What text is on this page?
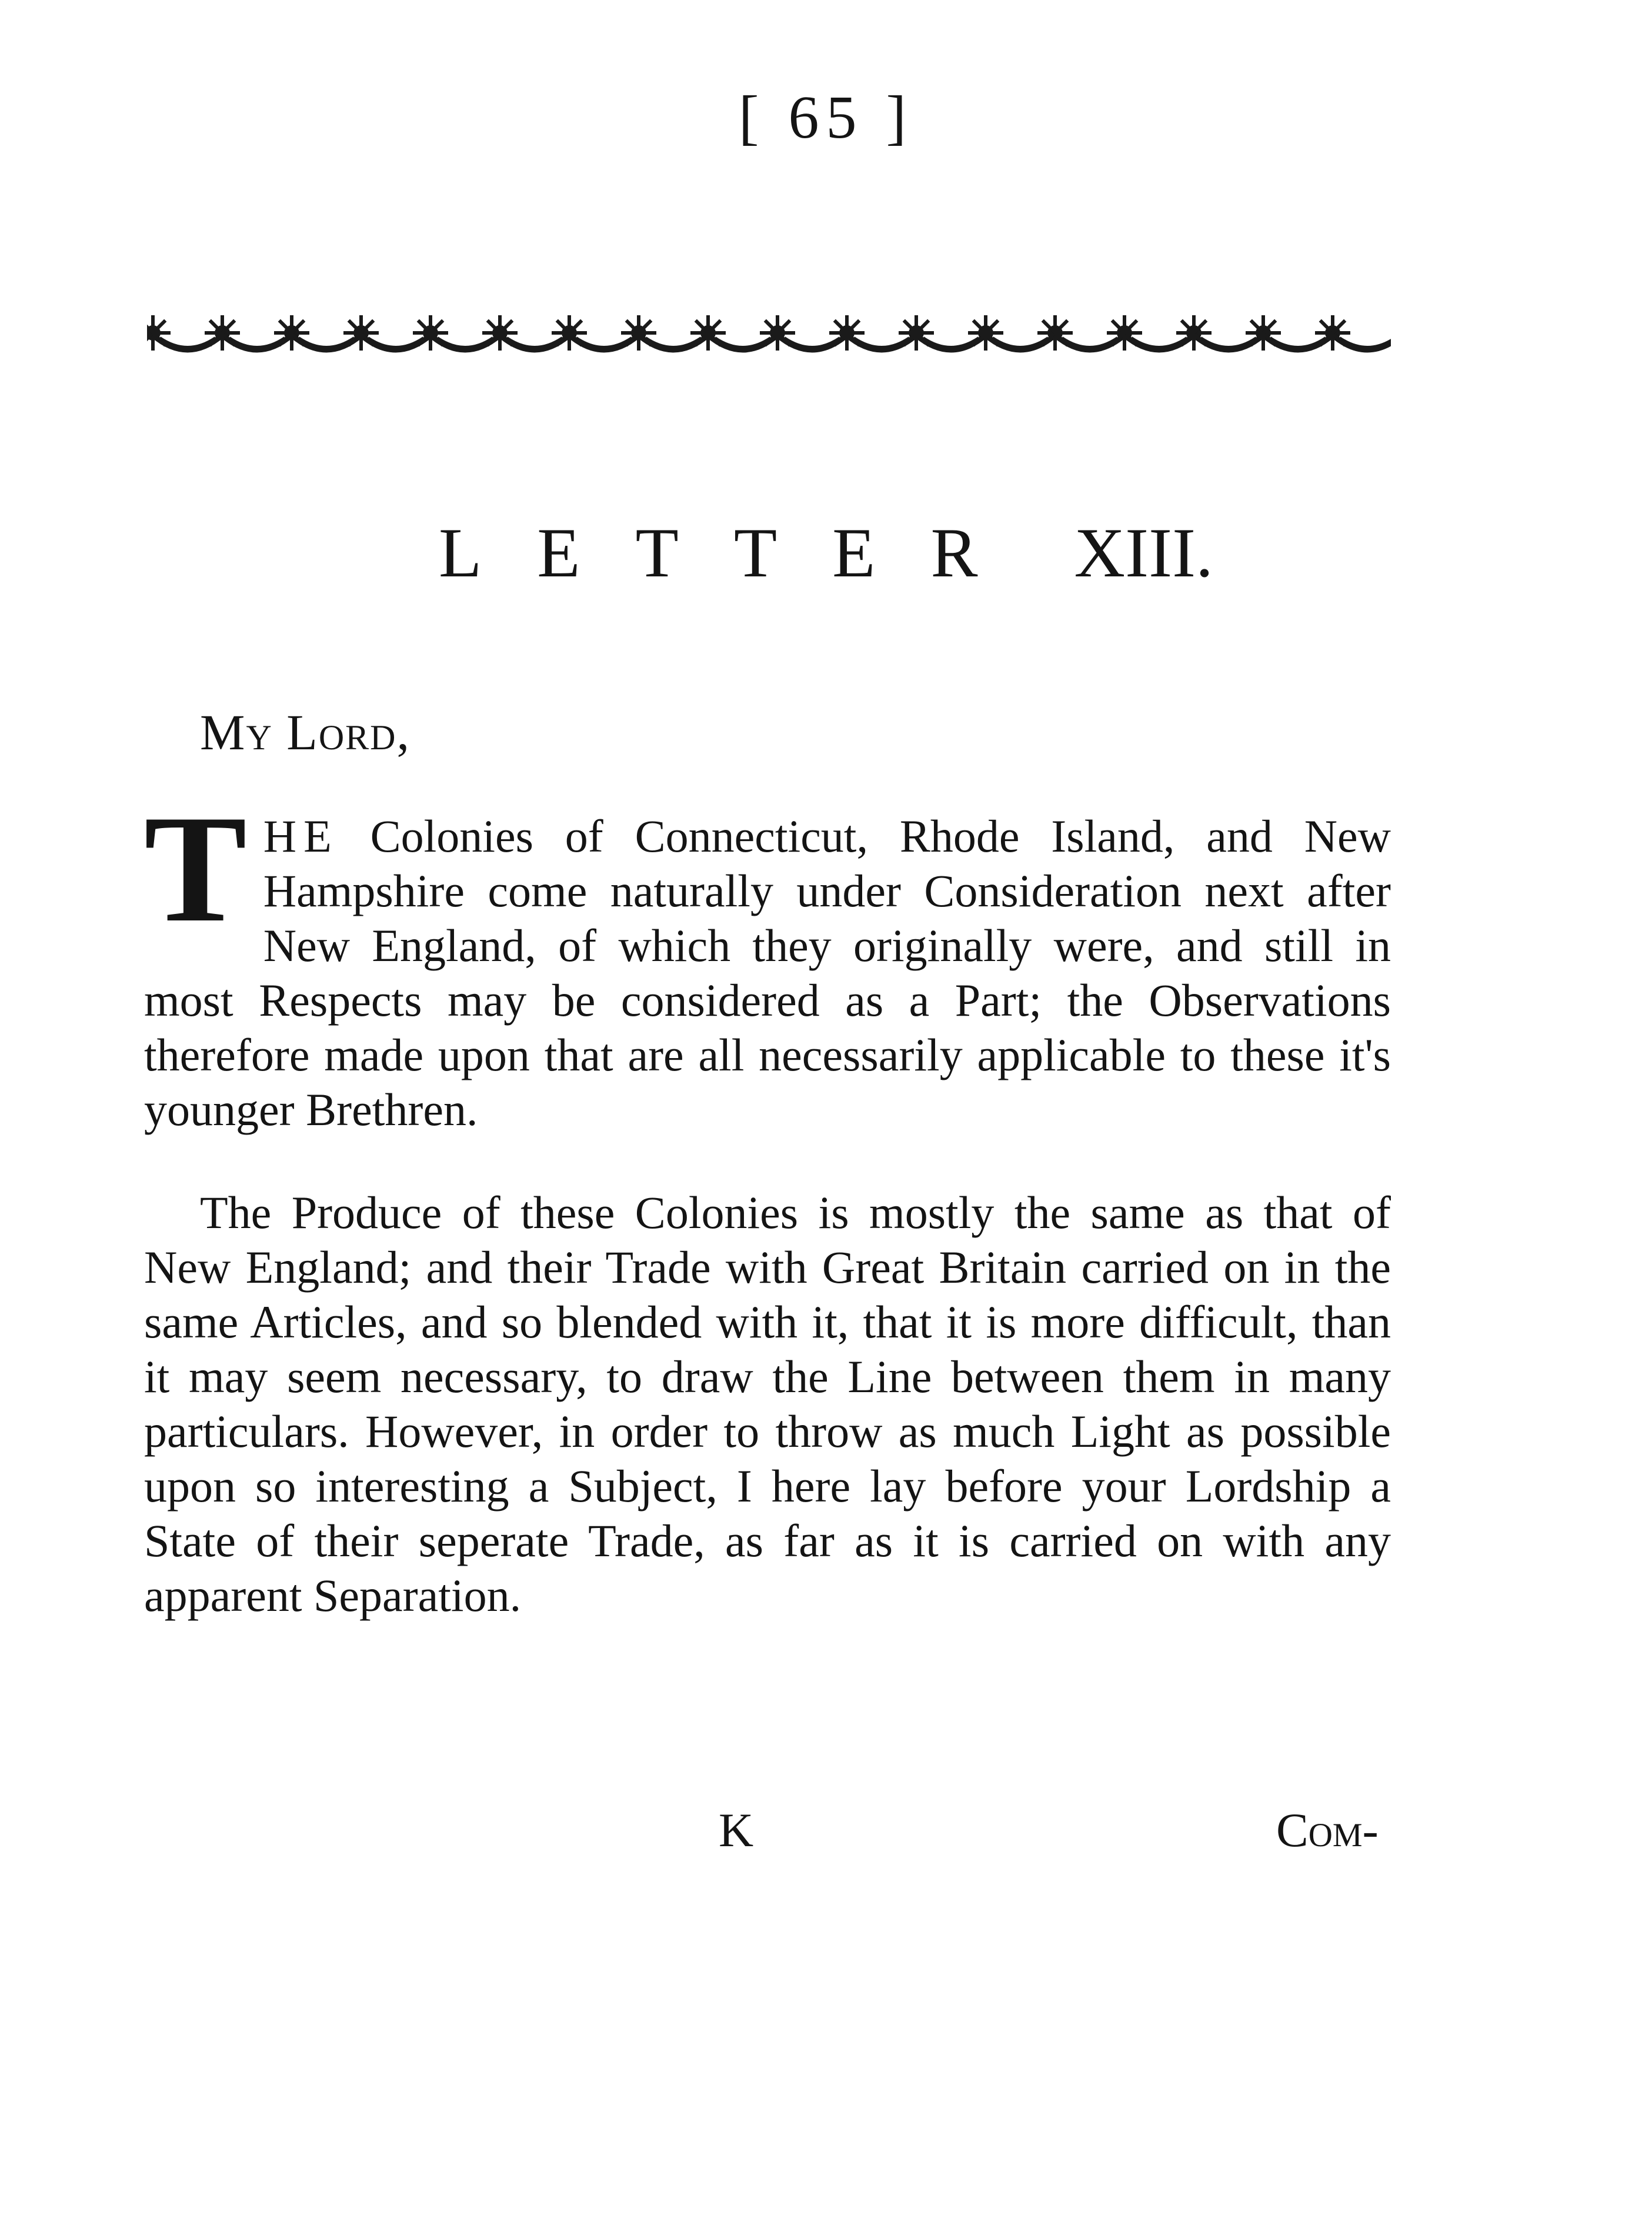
[ 65 ]
LETTER XIII.
My Lord,

THE Colonies of Connecticut, Rhode Island, and New Hampshire come naturally under Consideration next after New England, of which they originally were, and still in most Respects may be considered as a Part; the Observations therefore made upon that are all necessarily applicable to these it's younger Brethren.

The Produce of these Colonies is mostly the same as that of New England; and their Trade with Great Britain carried on in the same Articles, and so blended with it, that it is more difficult, than it may seem necessary, to draw the Line between them in many particulars. However, in order to throw as much Light as possible upon so interesting a Subject, I here lay before your Lordship a State of their seperate Trade, as far as it is carried on with any apparent Separation.

K	Com-
